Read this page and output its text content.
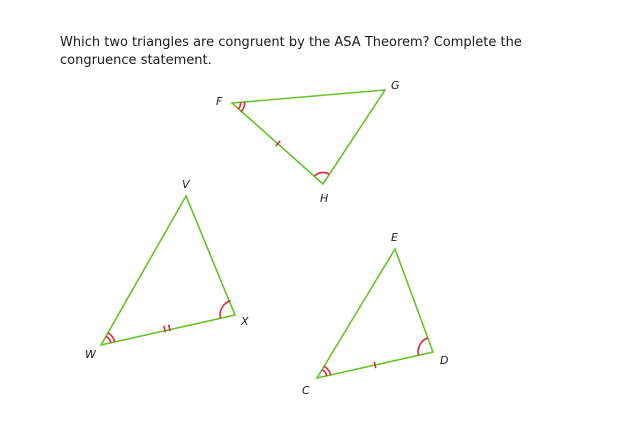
Which two triangles are congruent by the ASA Theorem? Complete the congruence statement.
F
G
H
V
W
X
E
C
D
